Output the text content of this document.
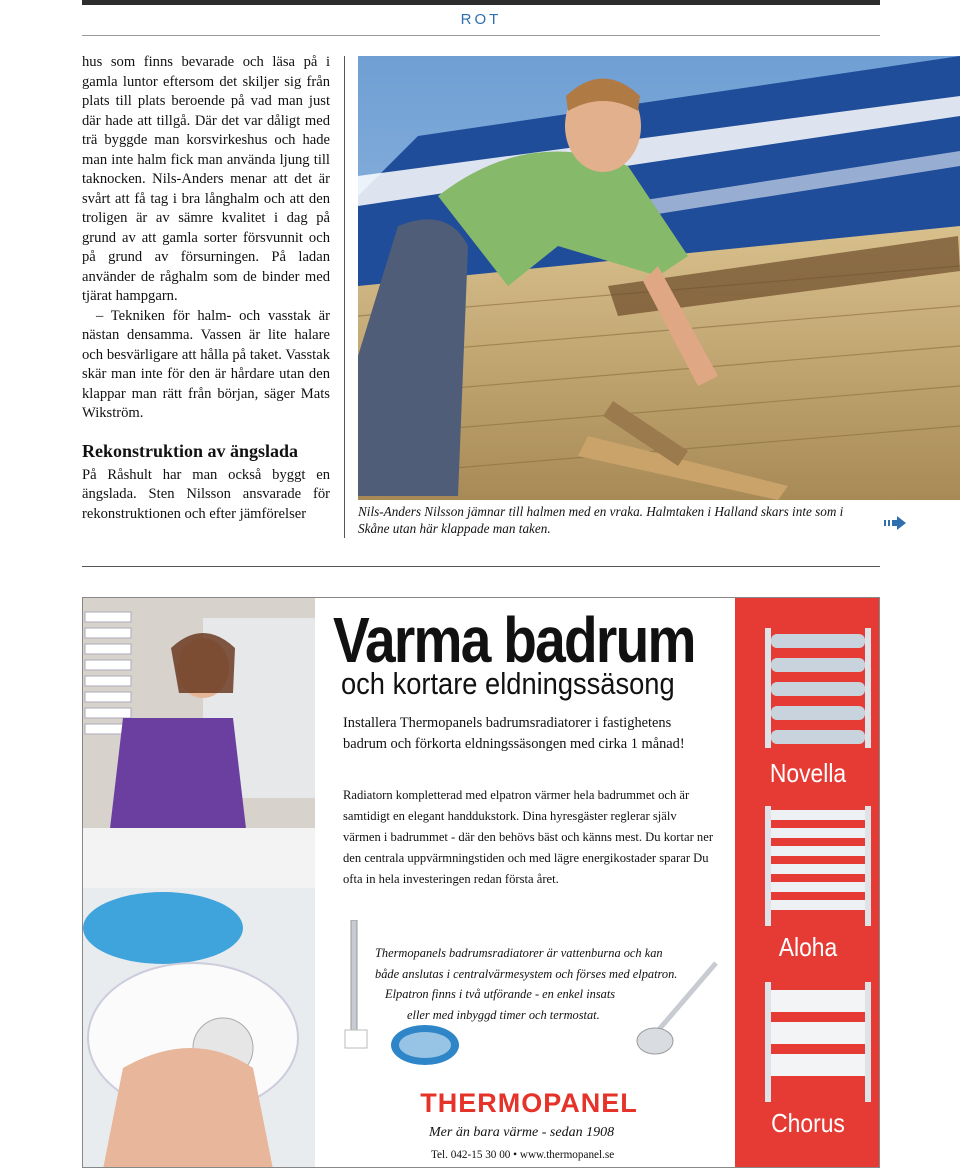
ROT

hus som finns bevarade och läsa på i gamla luntor eftersom det skiljer sig från plats till plats beroende på vad man just där hade att tillgå. Där det var dåligt med trä byggde man korsvirkeshus och hade man inte halm fick man använda ljung till taknocken. Nils-Anders menar att det är svårt att få tag i bra långhalm och att den troligen är av sämre kvalitet i dag på grund av att gamla sorter försvunnit och på grund av försurningen. På ladan använder de råghalm som de binder med tjärat hampgarn.

– Tekniken för halm- och vasstak är nästan densamma. Vassen är lite halare och besvärligare att hålla på taket. Vasstak skär man inte för den är hårdare utan den klappar man rätt från början, säger Mats Wikström.

Rekonstruktion av ängslada

På Råshult har man också byggt en ängslada. Sten Nilsson ansvarade för rekonstruktionen och efter jämförelser	Nils-Anders Nilsson jämnar till halmen med en vraka. Halmtaken i Halland skars inte som i Skåne utan här klappade man taken.
Varma badrum
och kortare eldningssäsong
Installera Thermopanels badrumsradiatorer i fastighetens badrum och förkorta eldningssäsongen med cirka 1 månad!
Radiatorn kompletterad med elpatron värmer hela badrummet och är samtidigt en elegant handdukstork. Dina hyresgäster reglerar själv värmen i badrummet - där den behövs bäst och känns mest. Du kortar ner den centrala uppvärmningstiden och med lägre energikostader sparar Du ofta in hela investeringen redan första året.
Thermopanels badrumsradiatorer är vattenburna och kan
både anslutas i centralvärmesystem och förses med elpatron.
Elpatron finns i två utförande - en enkel insats
eller med inbyggd timer och termostat.
THERMOPANEL
Mer än bara värme - sedan 1908
Tel. 042-15 30 00 • www.thermopanel.se
Novella
Aloha
Chorus
